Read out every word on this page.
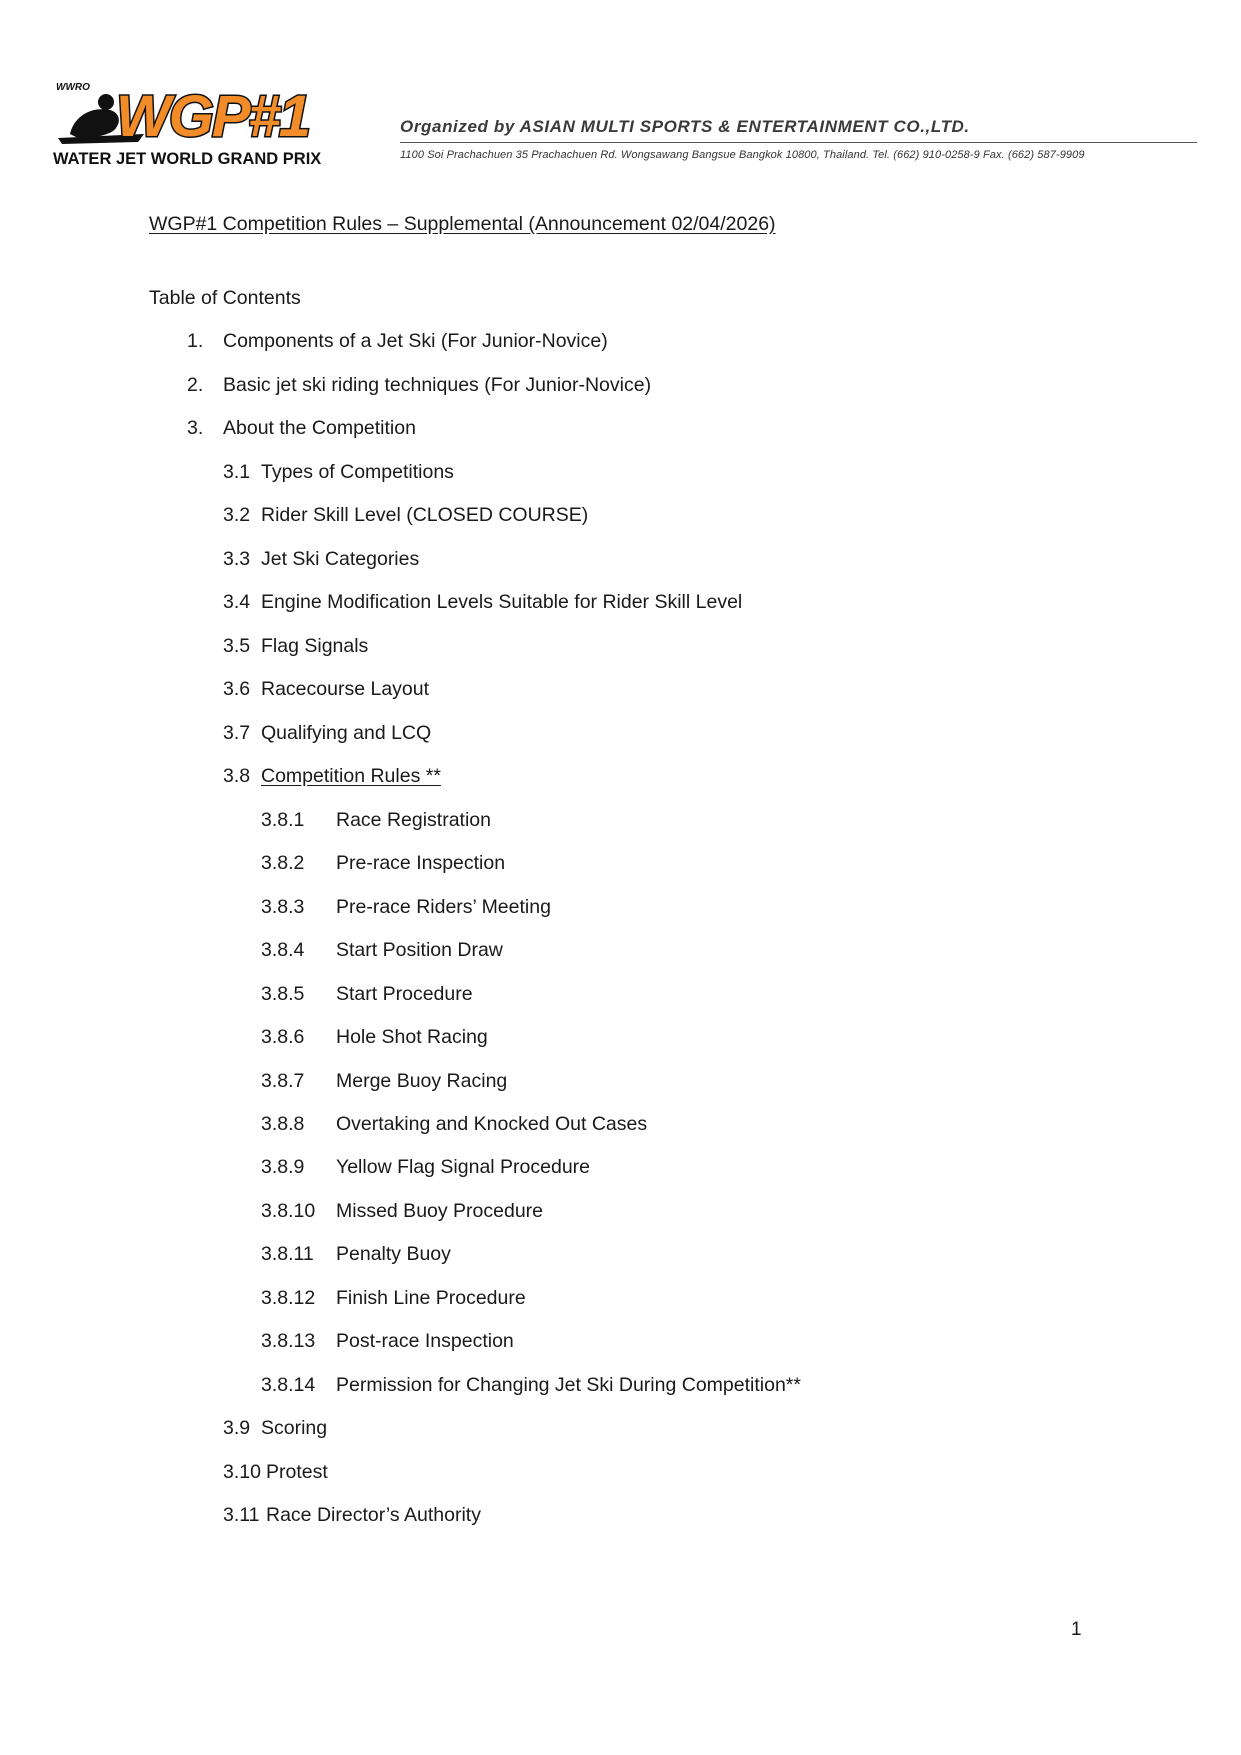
WWRO WGP#1
WATER JET WORLD GRAND PRIX
Organized by ASIAN MULTI SPORTS & ENTERTAINMENT CO.,LTD.
1100 Soi Prachachuen 35 Prachachuen Rd. Wongsawang Bangsue Bangkok 10800, Thailand. Tel. (662) 910-0258-9 Fax. (662) 587-9909
WGP#1 Competition Rules – Supplemental (Announcement 02/04/2026)
Table of Contents
1. Components of a Jet Ski (For Junior-Novice)
2. Basic jet ski riding techniques (For Junior-Novice)
3. About the Competition
3.1 Types of Competitions
3.2 Rider Skill Level (CLOSED COURSE)
3.3 Jet Ski Categories
3.4 Engine Modification Levels Suitable for Rider Skill Level
3.5 Flag Signals
3.6 Racecourse Layout
3.7 Qualifying and LCQ
3.8 Competition Rules **
3.8.1 Race Registration
3.8.2 Pre-race Inspection
3.8.3 Pre-race Riders’ Meeting
3.8.4 Start Position Draw
3.8.5 Start Procedure
3.8.6 Hole Shot Racing
3.8.7 Merge Buoy Racing
3.8.8 Overtaking and Knocked Out Cases
3.8.9 Yellow Flag Signal Procedure
3.8.10 Missed Buoy Procedure
3.8.11 Penalty Buoy
3.8.12 Finish Line Procedure
3.8.13 Post-race Inspection
3.8.14 Permission for Changing Jet Ski During Competition**
3.9 Scoring
3.10 Protest
3.11 Race Director’s Authority
1
